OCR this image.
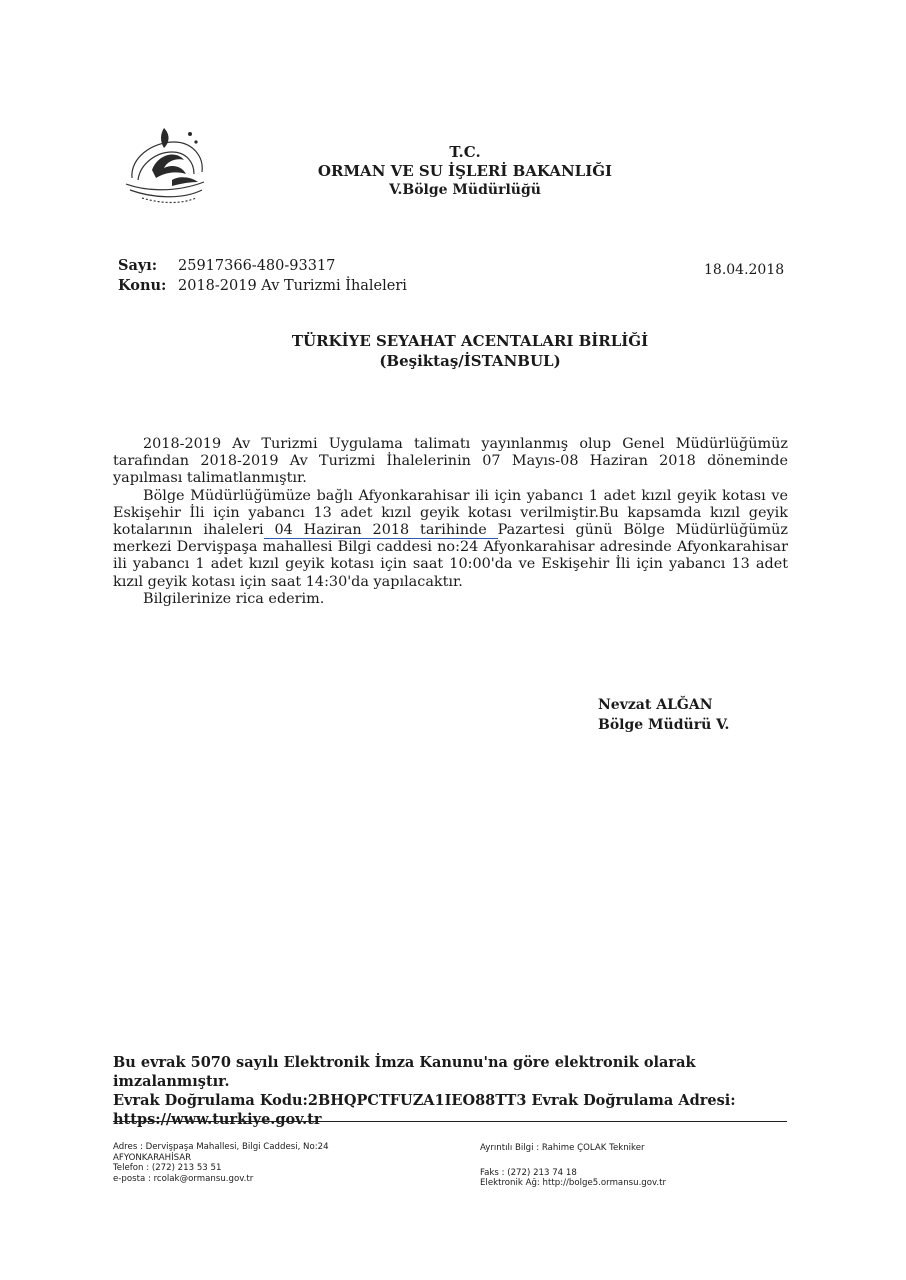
T.C.
ORMAN VE SU İŞLERİ BAKANLIĞI
V.Bölge Müdürlüğü
Sayı:	25917366-480-93317
Konu: 2018-2019 Av Turizmi İhaleleri
18.04.2018
TÜRKİYE SEYAHAT ACENTALARI BİRLİĞİ
(Beşiktaş/İSTANBUL)

2018-2019 Av Turizmi Uygulama talimatı yayınlanmış olup Genel Müdürlüğümüz tarafından 2018-2019 Av Turizmi İhalelerinin 07 Mayıs-08 Haziran 2018 döneminde yapılması talimatlanmıştır.

Bölge Müdürlüğümüze bağlı Afyonkarahisar ili için yabancı 1 adet kızıl geyik kotası ve Eskişehir İli için yabancı 13 adet kızıl geyik kotası verilmiştir.Bu kapsamda kızıl geyik kotalarının ihaleleri 04 Haziran 2018 tarihinde Pazartesi günü Bölge Müdürlüğümüz merkezi Dervişpaşa mahallesi Bilgi caddesi no:24 Afyonkarahisar adresinde Afyonkarahisar ili yabancı 1 adet kızıl geyik kotası için saat 10:00'da ve Eskişehir İli için yabancı 13 adet kızıl geyik kotası için saat 14:30'da yapılacaktır.

Bilgilerinize rica ederim.

Nevzat ALĞAN
Bölge Müdürü V.
Bu evrak 5070 sayılı Elektronik İmza Kanunu'na göre elektronik olarak imzalanmıştır.
Evrak Doğrulama Kodu:2BHQPCTFUZA1IEO88TT3 Evrak Doğrulama Adresi:
https://www.turkiye.gov.tr
Adres : Dervişpaşa Mahallesi, Bilgi Caddesi, No:24
AFYONKARAHİSAR
Telefon : (272) 213 53 51
e-posta : rcolak@ormansu.gov.tr
Ayrıntılı Bilgi : Rahime ÇOLAK Tekniker
Faks : (272) 213 74 18
Elektronik Ağ: http://bolge5.ormansu.gov.tr
